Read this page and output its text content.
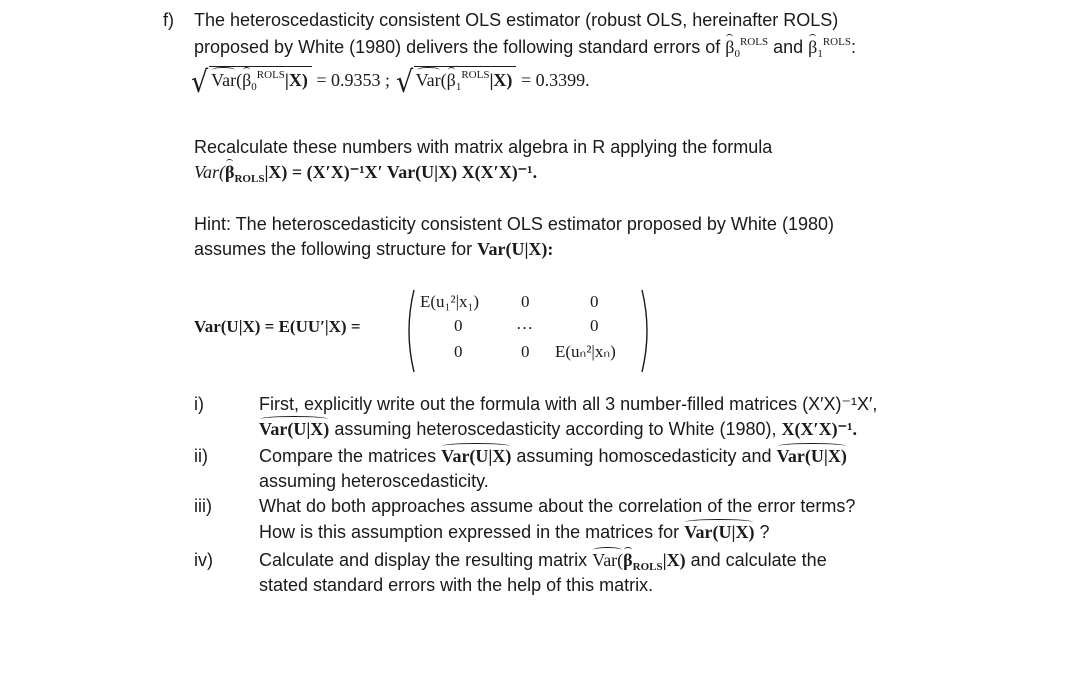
f) The heteroscedasticity consistent OLS estimator (robust OLS, hereinafter ROLS)
proposed by White (1980) delivers the following standard errors of $\beta_0^{ROLS}$ and $\beta_1^{ROLS}$:
√ $Var(\beta_0^{ROLS}|X) = 0.9353$ ; √ $Var(\beta_1^{ROLS}|X) = 0.3399$.
Recalculate these numbers with matrix algebra in R applying the formula
$Var(\beta_{ROLS}|X) = (X'X)^{-1}X'$ Var(U|X) X(X′X)⁻¹.
Hint: The heteroscedasticity consistent OLS estimator proposed by White (1980)
assumes the following structure for Var(U|X):
Var(U|X) = E(UU′|X) =
E(u₁²|x₁) 0	0
0	…	0
0	0 E(uₙ²|xₙ)
i)	First, explicitly write out the formula with all 3 number-filled matrices (X′X)⁻¹X′,
Var(U|X) assuming heteroscedasticity according to White (1980), X(X′X)⁻¹.
ii)	Compare the matrices Var(U|X) assuming homoscedasticity and Var(U|X)
assuming heteroscedasticity.
iii)	What do both approaches assume about the correlation of the error terms?
How is this assumption expressed in the matrices for Var(U|X) ?
iv)	Calculate and display the resulting matrix $Var(\beta_{ROLS}|X)$ and calculate the
stated standard errors with the help of this matrix.
